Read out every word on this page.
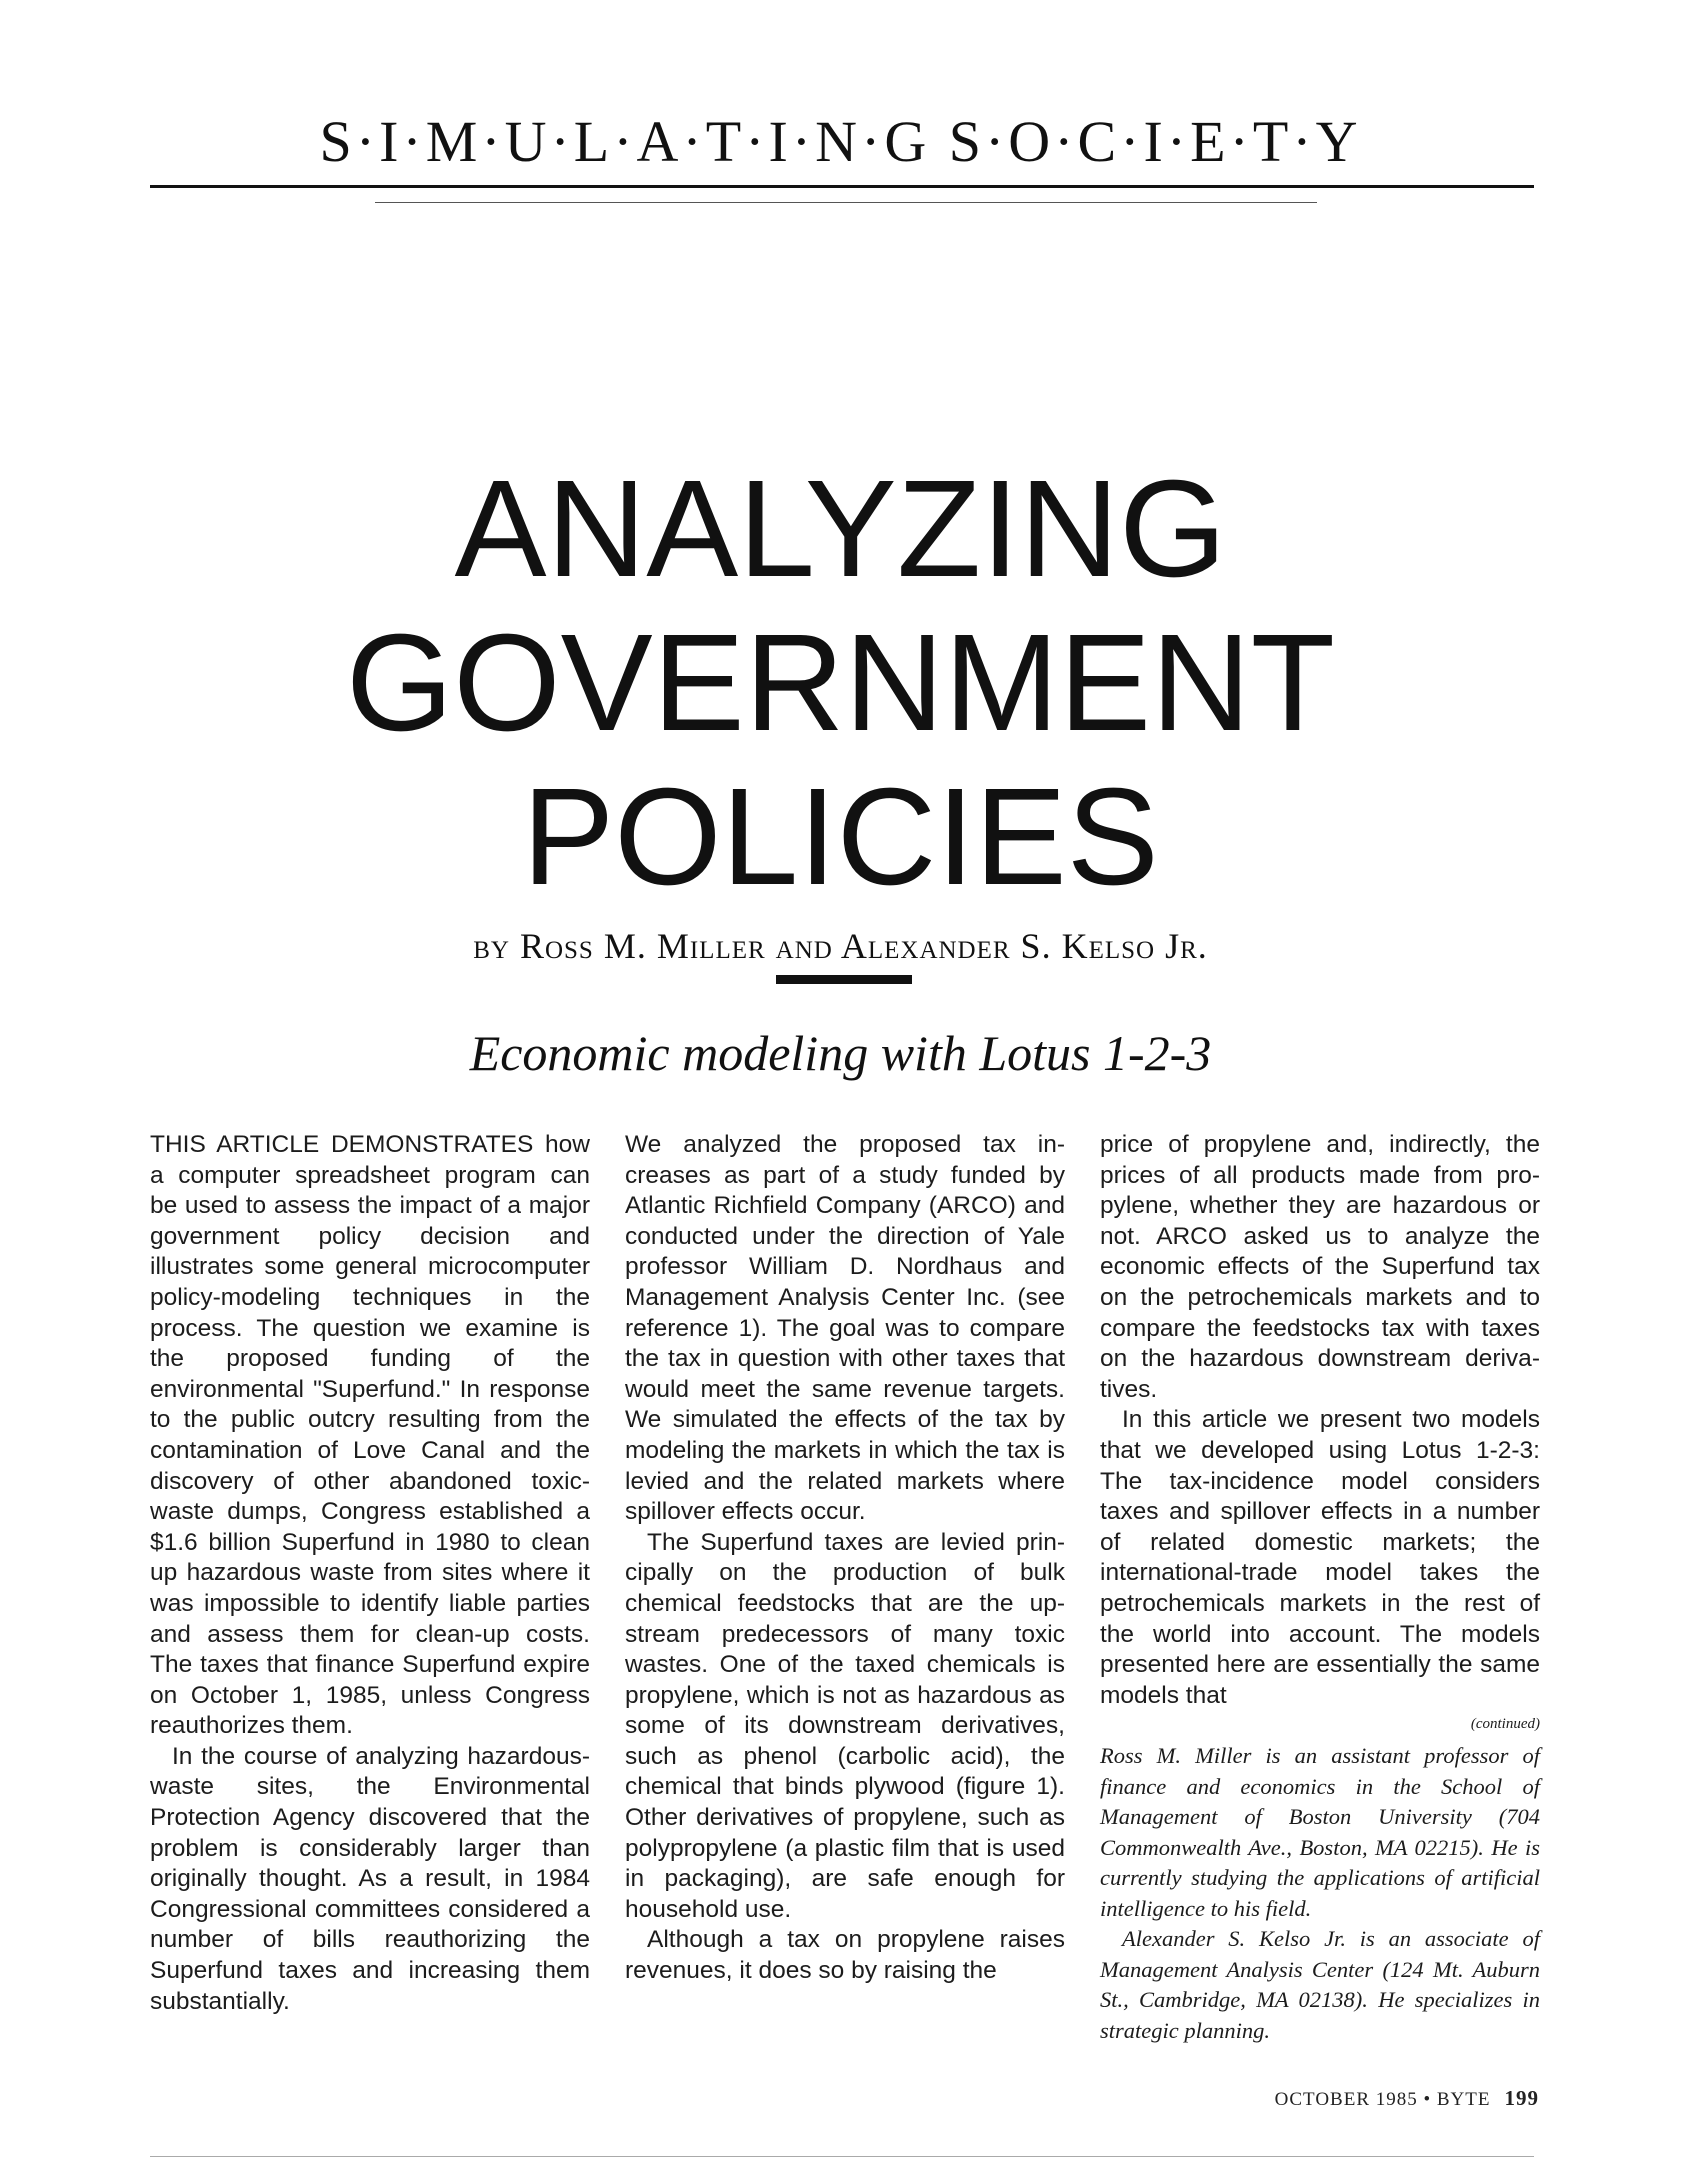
S·I·M·U·L·A·T·I·N·G S·O·C·I·E·T·Y
ANALYZING
GOVERNMENT
POLICIES
by Ross M. Miller and Alexander S. Kelso Jr.
Economic modeling with Lotus 1-2-3

THIS ARTICLE DEMONSTRATES how a computer spreadsheet program can be used to assess the impact of a major government policy decision and illustrates some general microcomputer policy-modeling techniques in the process. The question we examine is the proposed funding of the environmental "Superfund." In response to the public outcry resulting from the contamination of Love Canal and the discovery of other abandoned toxic-waste dumps, Congress established a $1.6 billion Superfund in 1980 to clean up hazardous waste from sites where it was impossible to identify liable parties and assess them for clean-up costs. The taxes that finance Superfund expire on October 1, 1985, unless Congress reauthorizes them.

In the course of analyzing hazardous-waste sites, the Environmental Protection Agency discovered that the problem is considerably larger than originally thought. As a result, in 1984 Congressional committees considered a number of bills reauthorizing the Superfund taxes and increasing them substantially.

We analyzed the proposed tax increases as part of a study funded by Atlantic Richfield Company (ARCO) and conducted under the direction of Yale professor William D. Nordhaus and Management Analysis Center Inc. (see reference 1). The goal was to compare the tax in question with other taxes that would meet the same revenue targets. We simulated the effects of the tax by modeling the markets in which the tax is levied and the related markets where spillover effects occur.

The Superfund taxes are levied principally on the production of bulk chemical feedstocks that are the upstream predecessors of many toxic wastes. One of the taxed chemicals is propylene, which is not as hazardous as some of its downstream derivatives, such as phenol (carbolic acid), the chemical that binds plywood (figure 1). Other derivatives of propylene, such as polypropylene (a plastic film that is used in packaging), are safe enough for household use.

Although a tax on propylene raises revenues, it does so by raising the

price of propylene and, indirectly, the prices of all products made from propylene, whether they are hazardous or not. ARCO asked us to analyze the economic effects of the Superfund tax on the petrochemicals markets and to compare the feedstocks tax with taxes on the hazardous downstream derivatives.

In this article we present two models that we developed using Lotus 1-2-3: The tax-incidence model considers taxes and spillover effects in a number of related domestic markets; the international-trade model takes the petrochemicals markets in the rest of the world into account. The models presented here are essentially the same models that

(continued)

Ross M. Miller is an assistant professor of finance and economics in the School of Management of Boston University (704 Commonwealth Ave., Boston, MA 02215). He is currently studying the applications of artificial intelligence to his field.

Alexander S. Kelso Jr. is an associate of Management Analysis Center (124 Mt. Auburn St., Cambridge, MA 02138). He specializes in strategic planning.

OCTOBER 1985 • BYTE 199
